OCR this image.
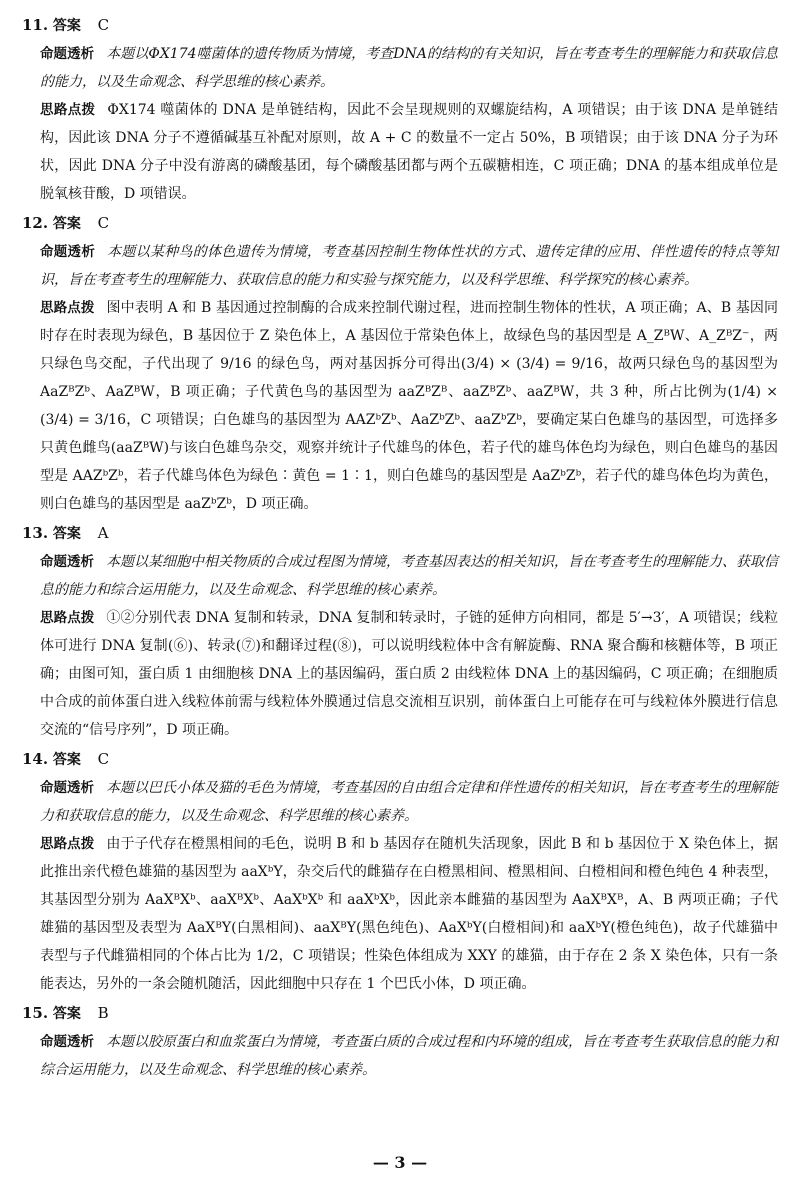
11. 答案 C

命题透析 本题以ΦX174噬菌体的遗传物质为情境，考查DNA的结构的有关知识，旨在考查考生的理解能力和获取信息的能力，以及生命观念、科学思维的核心素养。

思路点拨 ΦX174 噬菌体的 DNA 是单链结构，因此不会呈现规则的双螺旋结构，A 项错误；由于该 DNA 是单链结构，因此该 DNA 分子不遵循碱基互补配对原则，故 A + C 的数量不一定占 50%，B 项错误；由于该 DNA 分子为环状，因此 DNA 分子中没有游离的磷酸基团，每个磷酸基团都与两个五碳糖相连，C 项正确；DNA 的基本组成单位是脱氧核苷酸，D 项错误。

12. 答案 C

命题透析 本题以某种鸟的体色遗传为情境，考查基因控制生物体性状的方式、遗传定律的应用、伴性遗传的特点等知识，旨在考查考生的理解能力、获取信息的能力和实验与探究能力，以及科学思维、科学探究的核心素养。

思路点拨 图中表明 A 和 B 基因通过控制酶的合成来控制代谢过程，进而控制生物体的性状，A 项正确；A、B 基因同时存在时表现为绿色，B 基因位于 Z 染色体上，A 基因位于常染色体上，故绿色鸟的基因型是 A_ZᴮW、A_ZᴮZ⁻，两只绿色鸟交配，子代出现了 9/16 的绿色鸟，两对基因拆分可得出(3/4) × (3/4) = 9/16，故两只绿色鸟的基因型为 AaZᴮZᵇ、AaZᴮW，B 项正确；子代黄色鸟的基因型为 aaZᴮZᴮ、aaZᴮZᵇ、aaZᴮW，共 3 种，所占比例为(1/4) × (3/4) = 3/16，C 项错误；白色雄鸟的基因型为 AAZᵇZᵇ、AaZᵇZᵇ、aaZᵇZᵇ，要确定某白色雄鸟的基因型，可选择多只黄色雌鸟(aaZᴮW)与该白色雄鸟杂交，观察并统计子代雄鸟的体色，若子代的雄鸟体色均为绿色，则白色雄鸟的基因型是 AAZᵇZᵇ，若子代雄鸟体色为绿色∶黄色 = 1∶1，则白色雄鸟的基因型是 AaZᵇZᵇ，若子代的雄鸟体色均为黄色，则白色雄鸟的基因型是 aaZᵇZᵇ，D 项正确。

13. 答案 A

命题透析 本题以某细胞中相关物质的合成过程图为情境，考查基因表达的相关知识，旨在考查考生的理解能力、获取信息的能力和综合运用能力，以及生命观念、科学思维的核心素养。

思路点拨 ①②分别代表 DNA 复制和转录，DNA 复制和转录时，子链的延伸方向相同，都是 5′→3′，A 项错误；线粒体可进行 DNA 复制(⑥)、转录(⑦)和翻译过程(⑧)，可以说明线粒体中含有解旋酶、RNA 聚合酶和核糖体等，B 项正确；由图可知，蛋白质 1 由细胞核 DNA 上的基因编码，蛋白质 2 由线粒体 DNA 上的基因编码，C 项正确；在细胞质中合成的前体蛋白进入线粒体前需与线粒体外膜通过信息交流相互识别，前体蛋白上可能存在可与线粒体外膜进行信息交流的“信号序列”，D 项正确。

14. 答案 C

命题透析 本题以巴氏小体及猫的毛色为情境，考查基因的自由组合定律和伴性遗传的相关知识，旨在考查考生的理解能力和获取信息的能力，以及生命观念、科学思维的核心素养。

思路点拨 由于子代存在橙黑相间的毛色，说明 B 和 b 基因存在随机失活现象，因此 B 和 b 基因位于 X 染色体上，据此推出亲代橙色雄猫的基因型为 aaXᵇY，杂交后代的雌猫存在白橙黑相间、橙黑相间、白橙相间和橙色纯色 4 种表型，其基因型分别为 AaXᴮXᵇ、aaXᴮXᵇ、AaXᵇXᵇ 和 aaXᵇXᵇ，因此亲本雌猫的基因型为 AaXᴮXᴮ，A、B 两项正确；子代雄猫的基因型及表型为 AaXᴮY(白黑相间)、aaXᴮY(黑色纯色)、AaXᵇY(白橙相间)和 aaXᵇY(橙色纯色)，故子代雄猫中表型与子代雌猫相同的个体占比为 1/2，C 项错误；性染色体组成为 XXY 的雄猫，由于存在 2 条 X 染色体，只有一条能表达，另外的一条会随机随活，因此细胞中只存在 1 个巴氏小体，D 项正确。

15. 答案 B

命题透析 本题以胶原蛋白和血浆蛋白为情境，考查蛋白质的合成过程和内环境的组成，旨在考查考生获取信息的能力和综合运用能力，以及生命观念、科学思维的核心素养。

— 3 —
